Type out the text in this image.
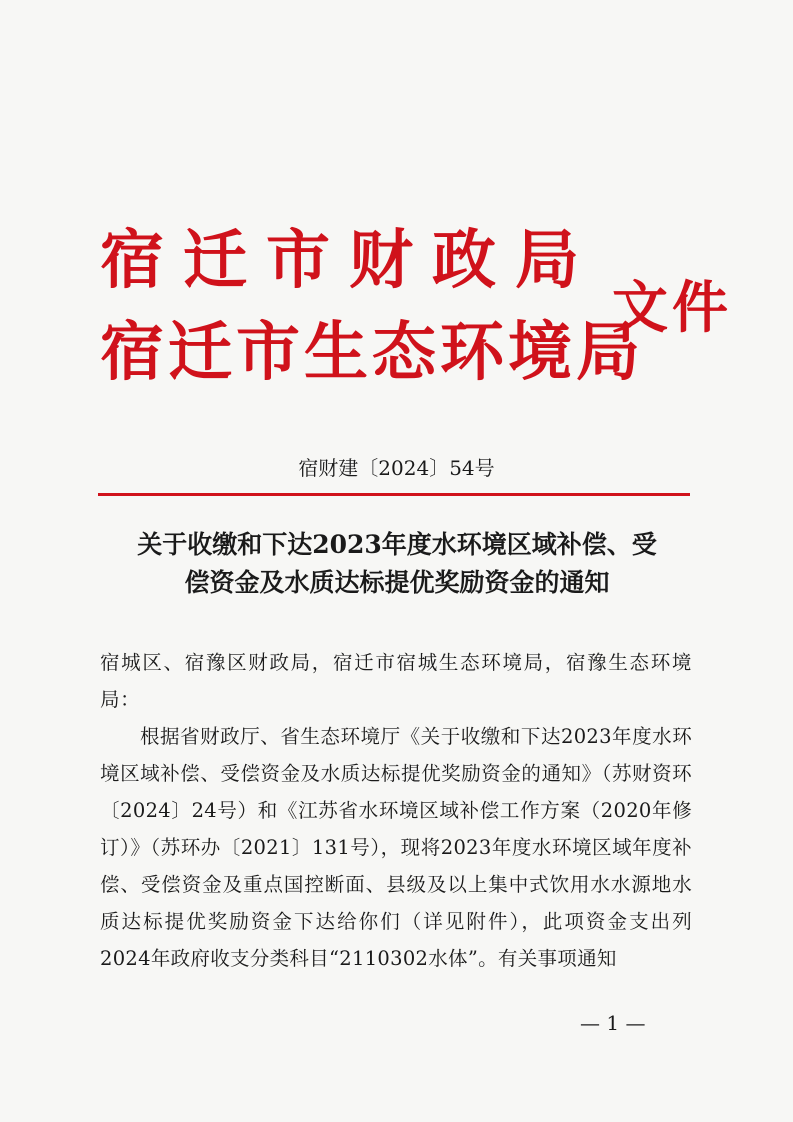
宿迁市财政局
宿迁市生态环境局
文件
宿财建〔2024〕54号
关于收缴和下达2023年度水环境区域补偿、受
偿资金及水质达标提优奖励资金的通知

宿城区、宿豫区财政局，宿迁市宿城生态环境局，宿豫生态环境局：

根据省财政厅、省生态环境厅《关于收缴和下达2023年度水环境区域补偿、受偿资金及水质达标提优奖励资金的通知》（苏财资环〔2024〕24号）和《江苏省水环境区域补偿工作方案（2020年修订）》（苏环办〔2021〕131号），现将2023年度水环境区域年度补偿、受偿资金及重点国控断面、县级及以上集中式饮用水水源地水质达标提优奖励资金下达给你们（详见附件），此项资金支出列2024年政府收支分类科目“2110302水体”。有关事项通知

— 1 —
